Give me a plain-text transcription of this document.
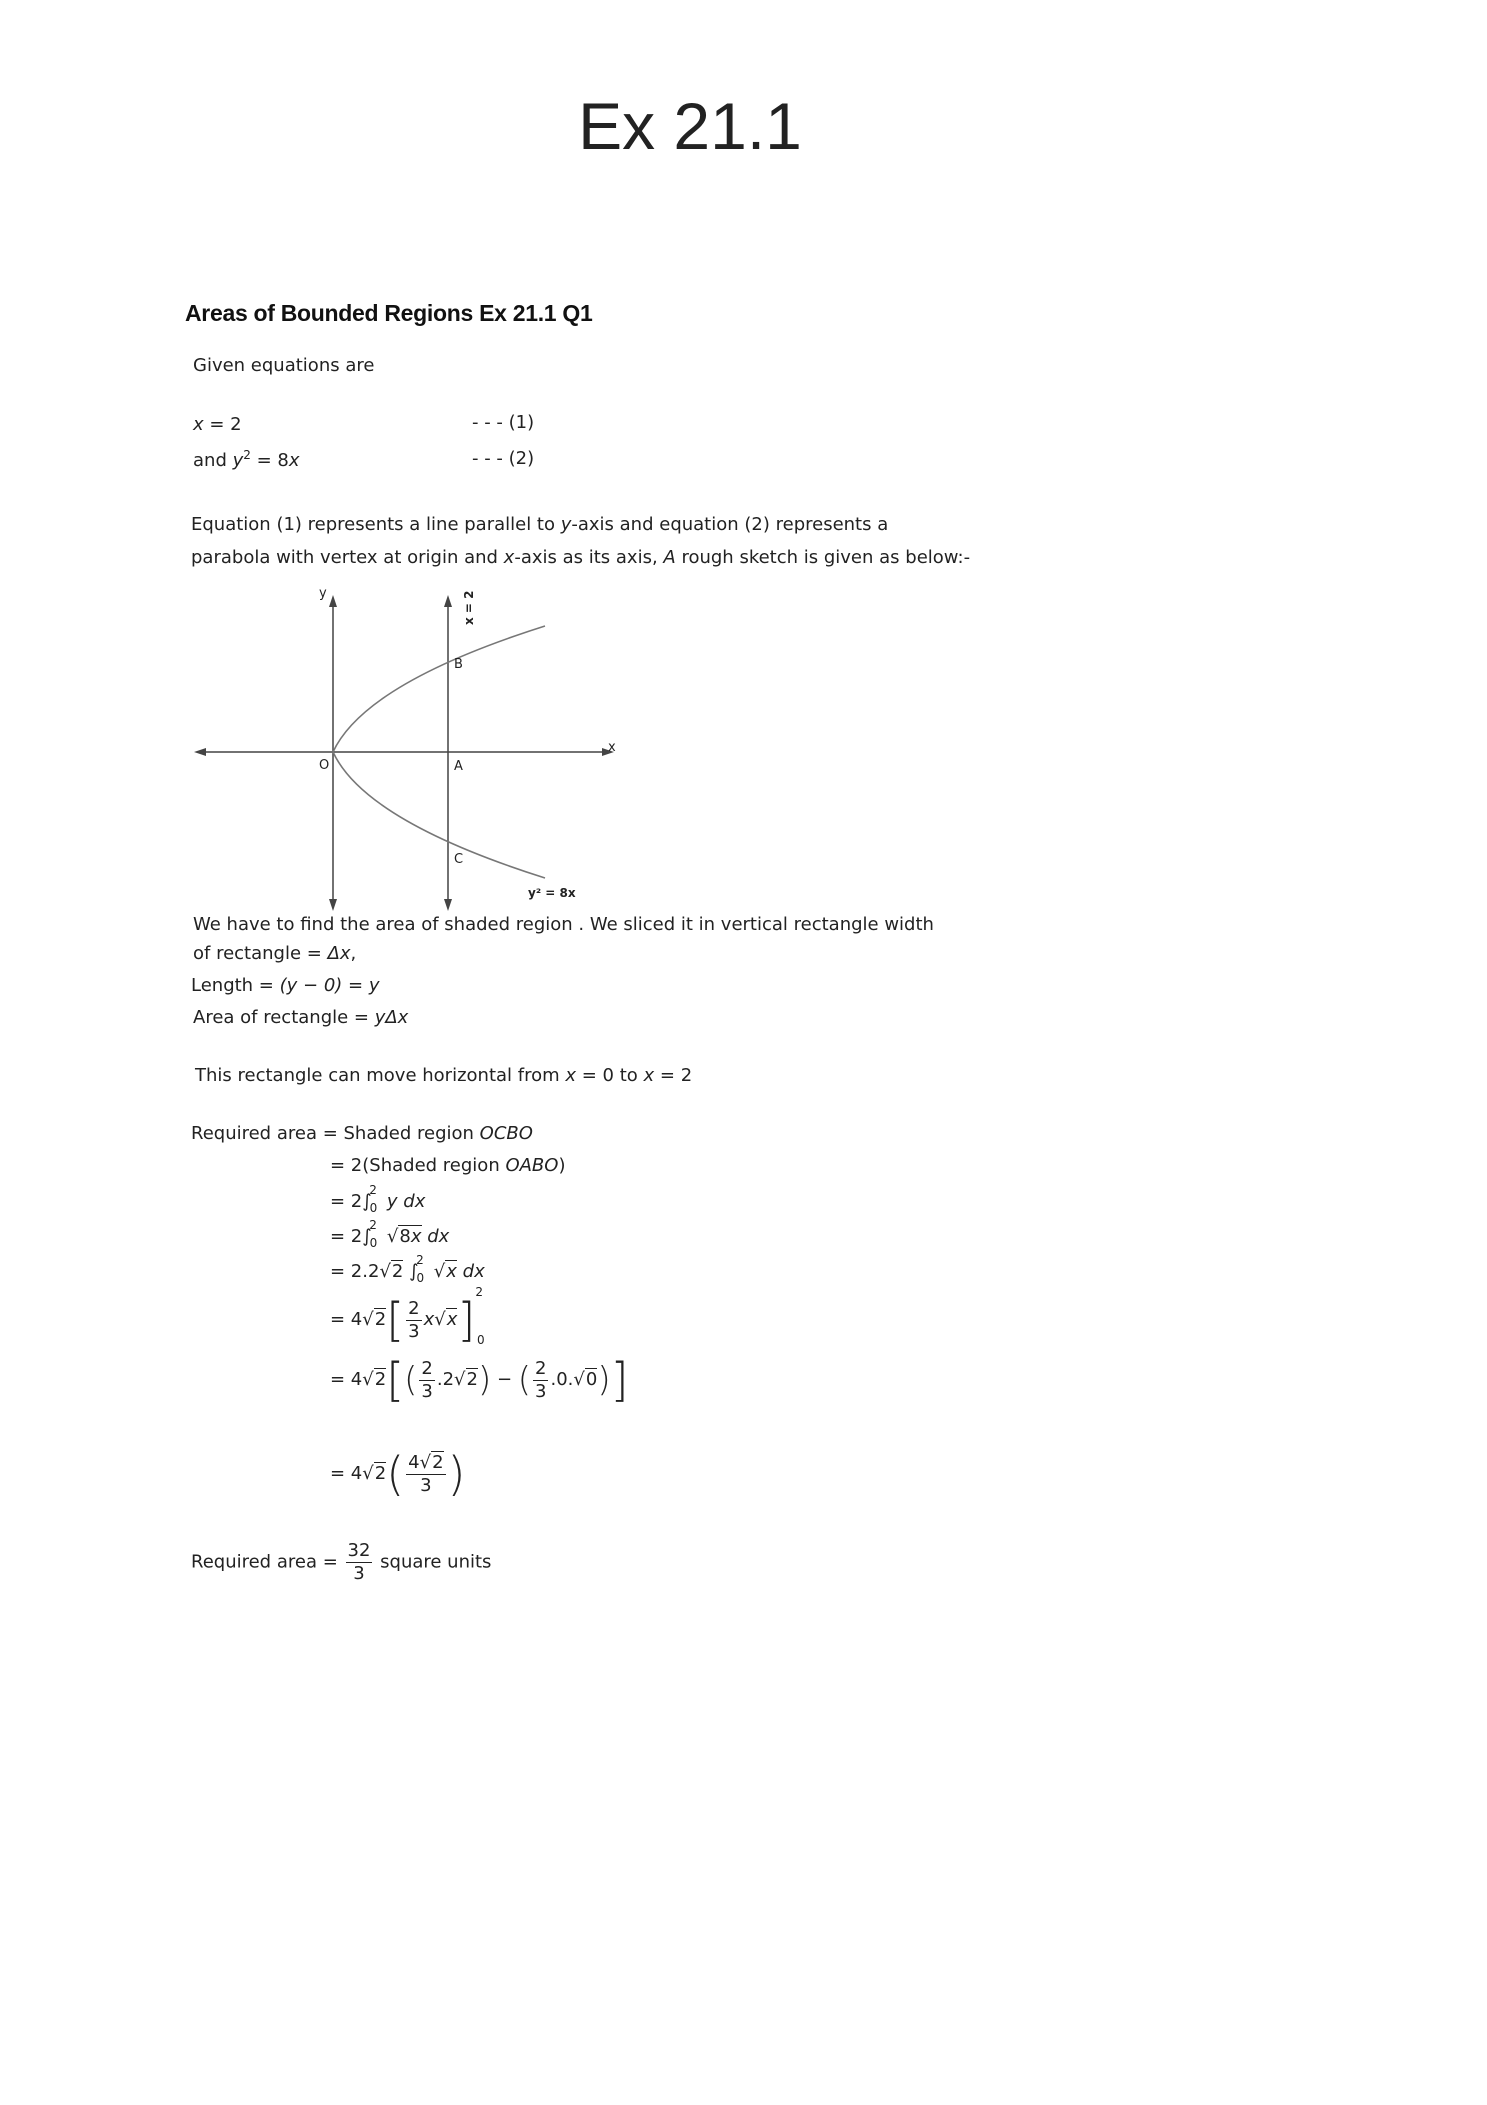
Ex 21.1
Areas of Bounded Regions Ex 21.1 Q1
Given equations are
x = 2	- - - (1)
and $y^2 = 8x$	- - - (2)
Equation (1) represents a line parallel to y-axis and equation (2) represents a
parabola with vertex at origin and x-axis as its axis, A rough sketch is given as below:-
y
x
O	A
B
C
y² = 8x
x = 2
We have to find the area of shaded region . We sliced it in vertical rectangle width
of rectangle = Δx,
Length = (y − 0) = y
Area of rectangle = yΔx
This rectangle can move horizontal from x = 0 to x = 2
Required area = Shaded region OCBO
= 2(Shaded region OABO)
= $2\int_0^2y$ dx
= $2\int_0^2√8x$ dx
= 2.2√2 $\int_0^2√x$ dx
= $4√2[ \frac{2}{3} x√x]^2_0$
= $4√2[( \frac{2}{3} .2√2)$ − ( $\frac{2}{3} .0.√0$)]
= $4√2( \frac{4√2}{3}$ )
Required area = $\frac{32}{3}$ square units
